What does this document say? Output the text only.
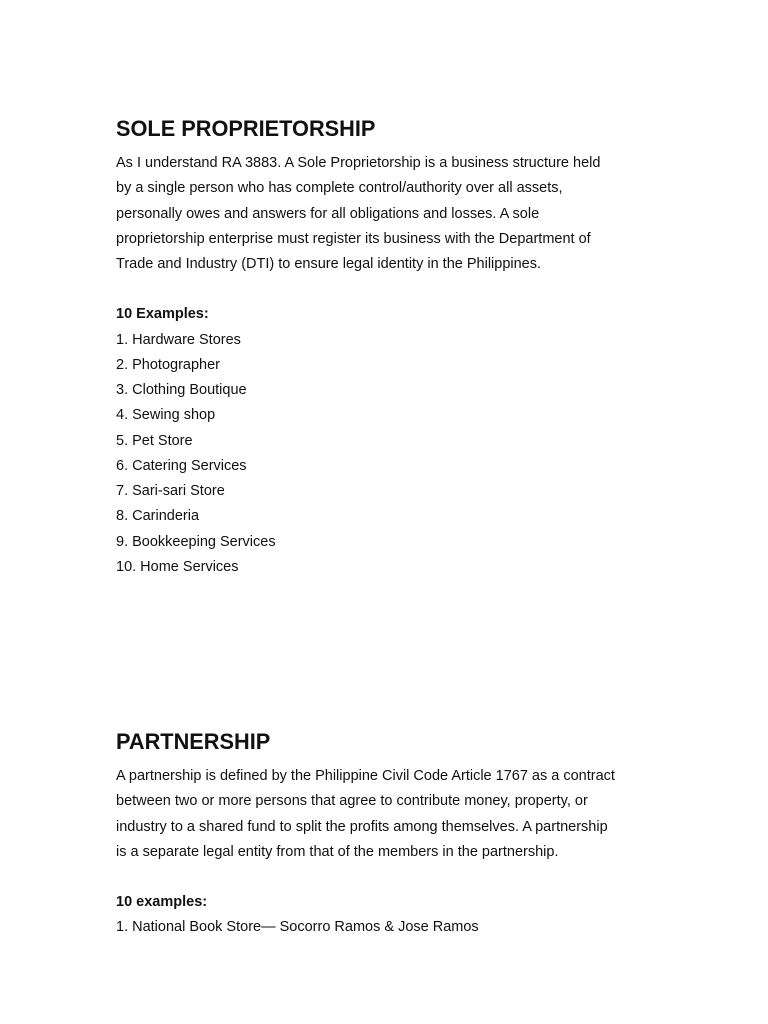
SOLE PROPRIETORSHIP

As I understand RA 3883. A Sole Proprietorship is a business structure held

by a single person who has complete control/authority over all assets,

personally owes and answers for all obligations and losses. A sole

proprietorship enterprise must register its business with the Department of

Trade and Industry (DTI) to ensure legal identity in the Philippines.

10 Examples:

1. Hardware Stores
2. Photographer
3. Clothing Boutique
4. Sewing shop
5. Pet Store
6. Catering Services
7. Sari-sari Store
8. Carinderia
9. Bookkeeping Services
10. Home Services
PARTNERSHIP

A partnership is defined by the Philippine Civil Code Article 1767 as a contract

between two or more persons that agree to contribute money, property, or

industry to a shared fund to split the profits among themselves. A partnership

is a separate legal entity from that of the members in the partnership.

10 examples:

1. National Book Store— Socorro Ramos & Jose Ramos
